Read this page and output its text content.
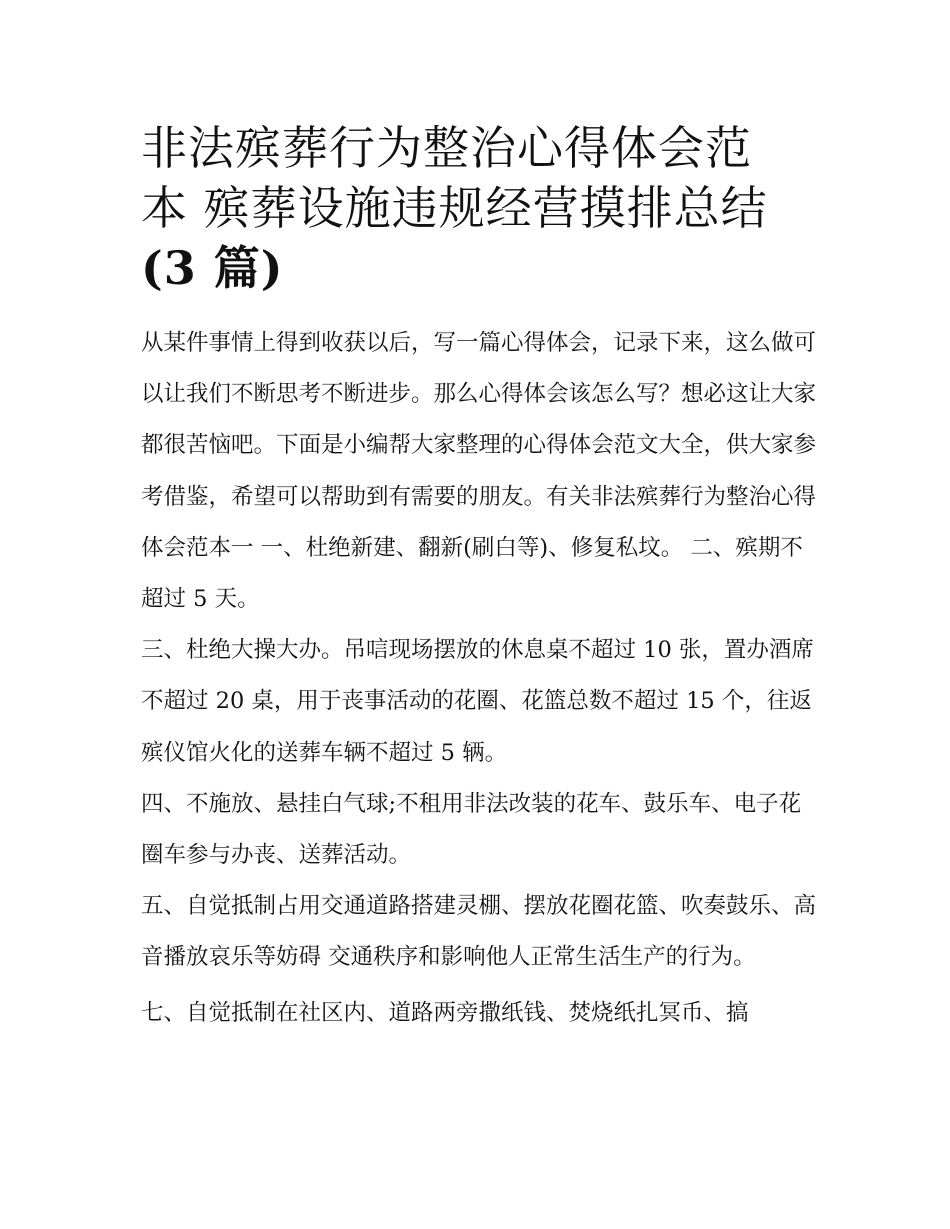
非法殡葬行为整治心得体会范
本 殡葬设施违规经营摸排总结
(3 篇)

从某件事情上得到收获以后，写一篇心得体会，记录下来，这么做可以让我们不断思考不断进步。那么心得体会该怎么写？想必这让大家都很苦恼吧。下面是小编帮大家整理的心得体会范文大全，供大家参考借鉴，希望可以帮助到有需要的朋友。有关非法殡葬行为整治心得体会范本一 一、杜绝新建、翻新(刷白等)、修复私坟。 二、殡期不超过 5 天。

三、杜绝大操大办。吊唁现场摆放的休息桌不超过 10 张，置办酒席不超过 20 桌，用于丧事活动的花圈、花篮总数不超过 15 个，往返殡仪馆火化的送葬车辆不超过 5 辆。

四、不施放、悬挂白气球;不租用非法改装的花车、鼓乐车、电子花圈车参与办丧、送葬活动。

五、自觉抵制占用交通道路搭建灵棚、摆放花圈花篮、吹奏鼓乐、高音播放哀乐等妨碍 交通秩序和影响他人正常生活生产的行为。

七、自觉抵制在社区内、道路两旁撒纸钱、焚烧纸扎冥币、搞
